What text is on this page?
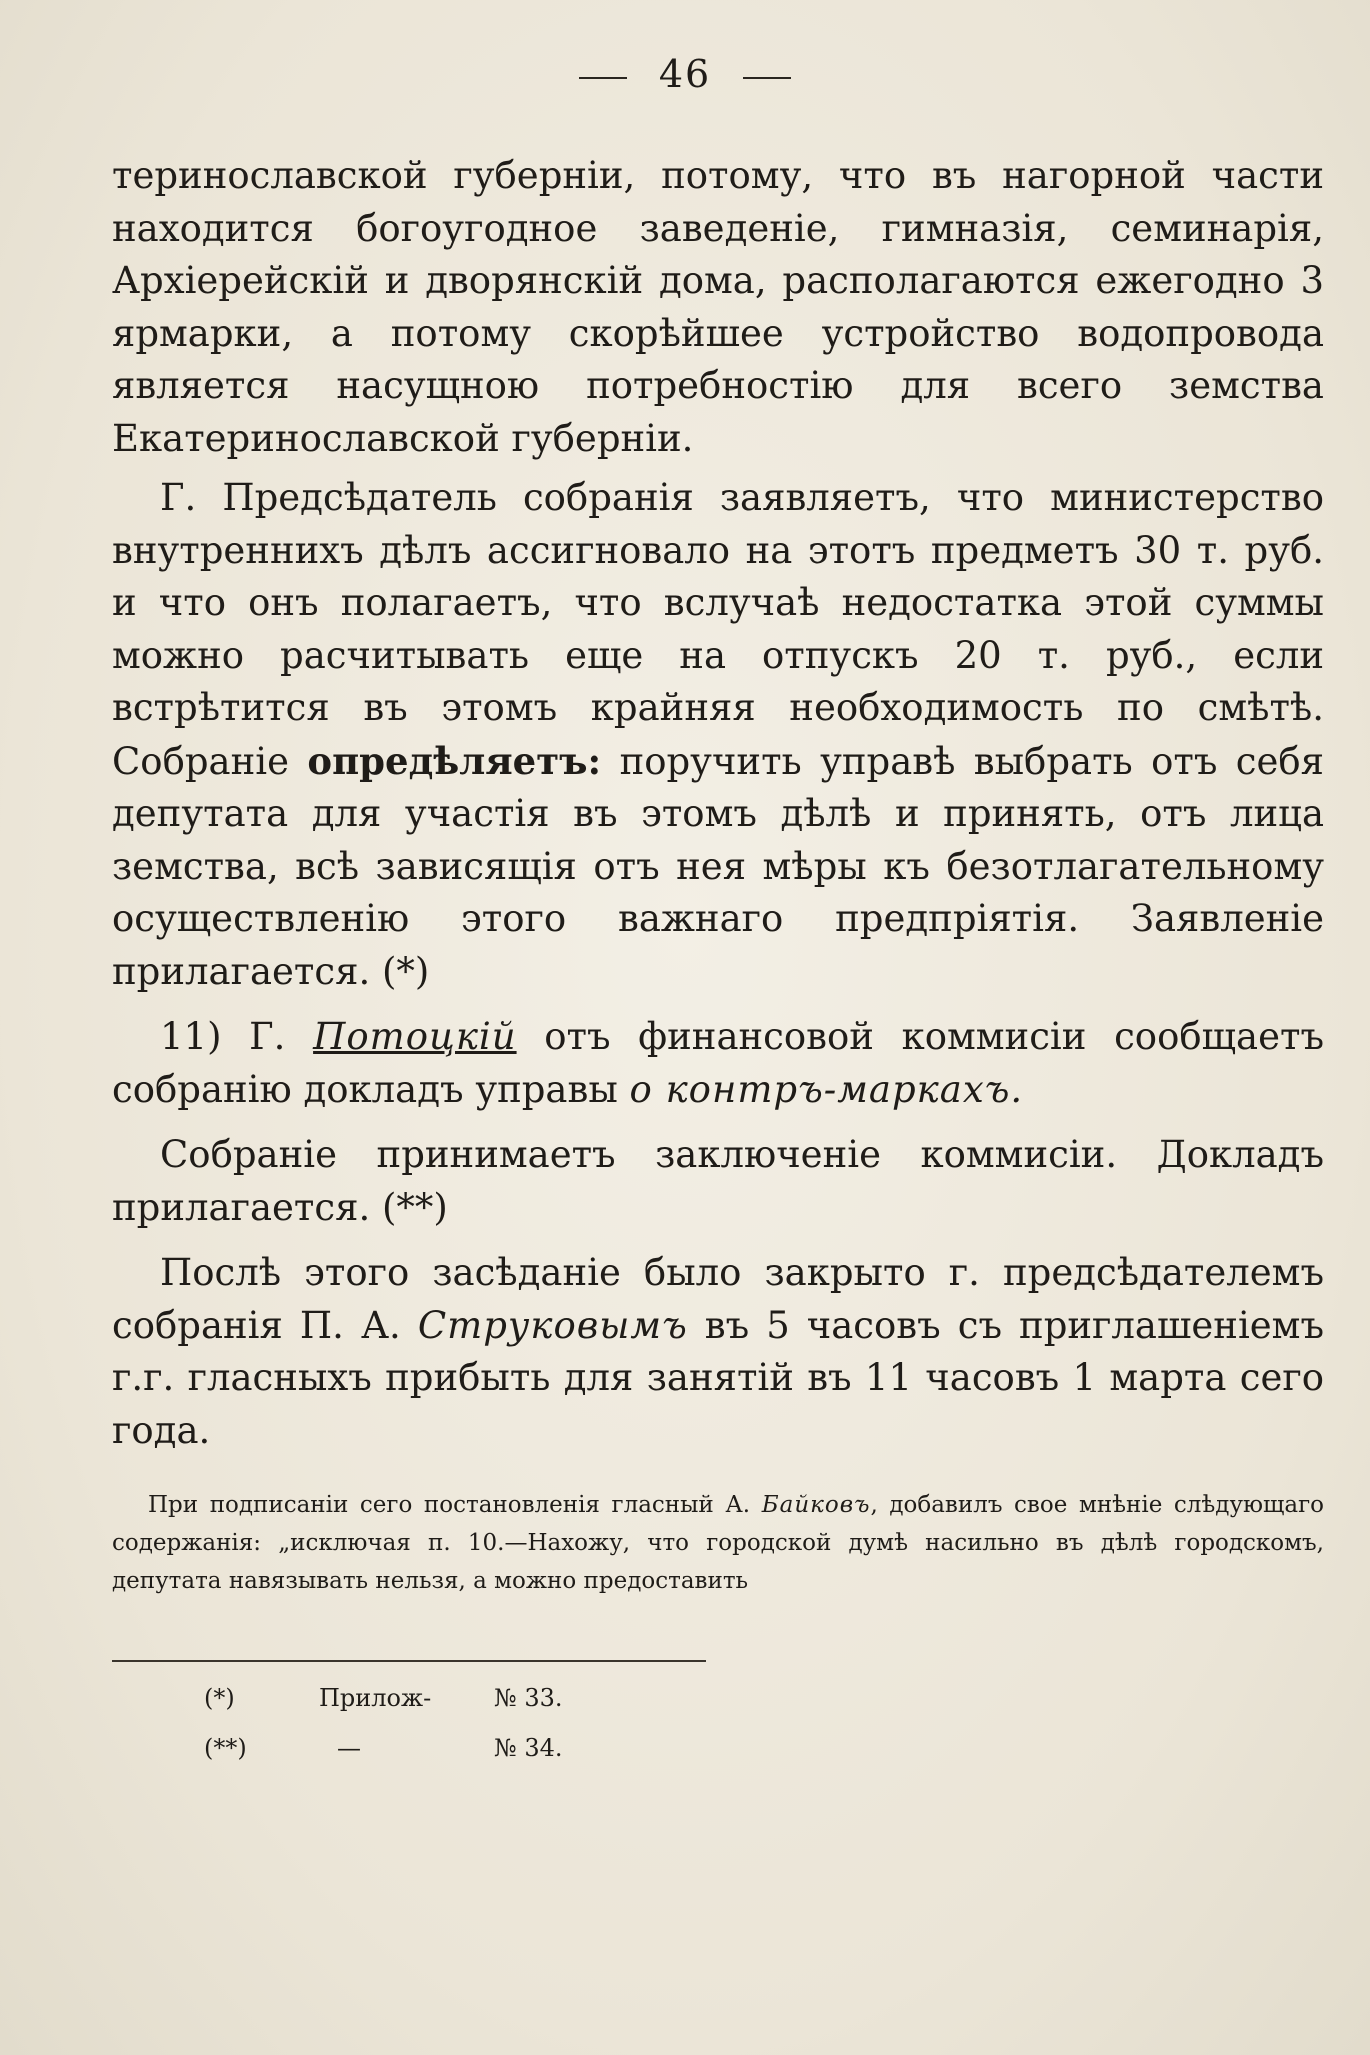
46

теринославской губерніи, потому, что въ нагорной части находится богоугодное заведеніе, гимназія, семинарія, Архіерейскій и дворянскій дома, располагаются ежегодно 3 ярмарки, а потому скорѣйшее устройство водопровода является насущною потребностію для всего земства Екатеринославской губерніи.

Г. Предсѣдатель собранія заявляетъ, что министерство внутреннихъ дѣлъ ассигновало на этотъ предметъ 30 т. руб. и что онъ полагаетъ, что вслучаѣ недостатка этой суммы можно расчитывать еще на отпускъ 20 т. руб., если встрѣтится въ этомъ крайняя необходимость по смѣтѣ. Собраніе опредѣляетъ: поручить управѣ выбрать отъ себя депутата для участія въ этомъ дѣлѣ и принять, отъ лица земства, всѣ зависящія отъ нея мѣры къ безотлагательному осуществленію этого важнаго предпріятія. Заявленіе прилагается. (*)

11) Г. Потоцкій отъ финансовой коммисіи сообщаетъ собранію докладъ управы о контръ-маркахъ.

Собраніе принимаетъ заключеніе коммисіи. Докладъ прилагается. (**)

Послѣ этого засѣданіе было закрыто г. предсѣдателемъ собранія П. А. Струковымъ въ 5 часовъ съ приглашеніемъ г.г. гласныхъ прибыть для занятій въ 11 часовъ 1 марта сего года.

При подписаніи сего постановленія гласный А. Байковъ, добавилъ свое мнѣніе слѣдующаго содержанія: „исключая п. 10.—Нахожу, что городской думѣ насильно въ дѣлѣ городскомъ, депутата навязывать нельзя, а можно предоставить

(*)	Прилож-	№ 33.
(**)	—	№ 34.
